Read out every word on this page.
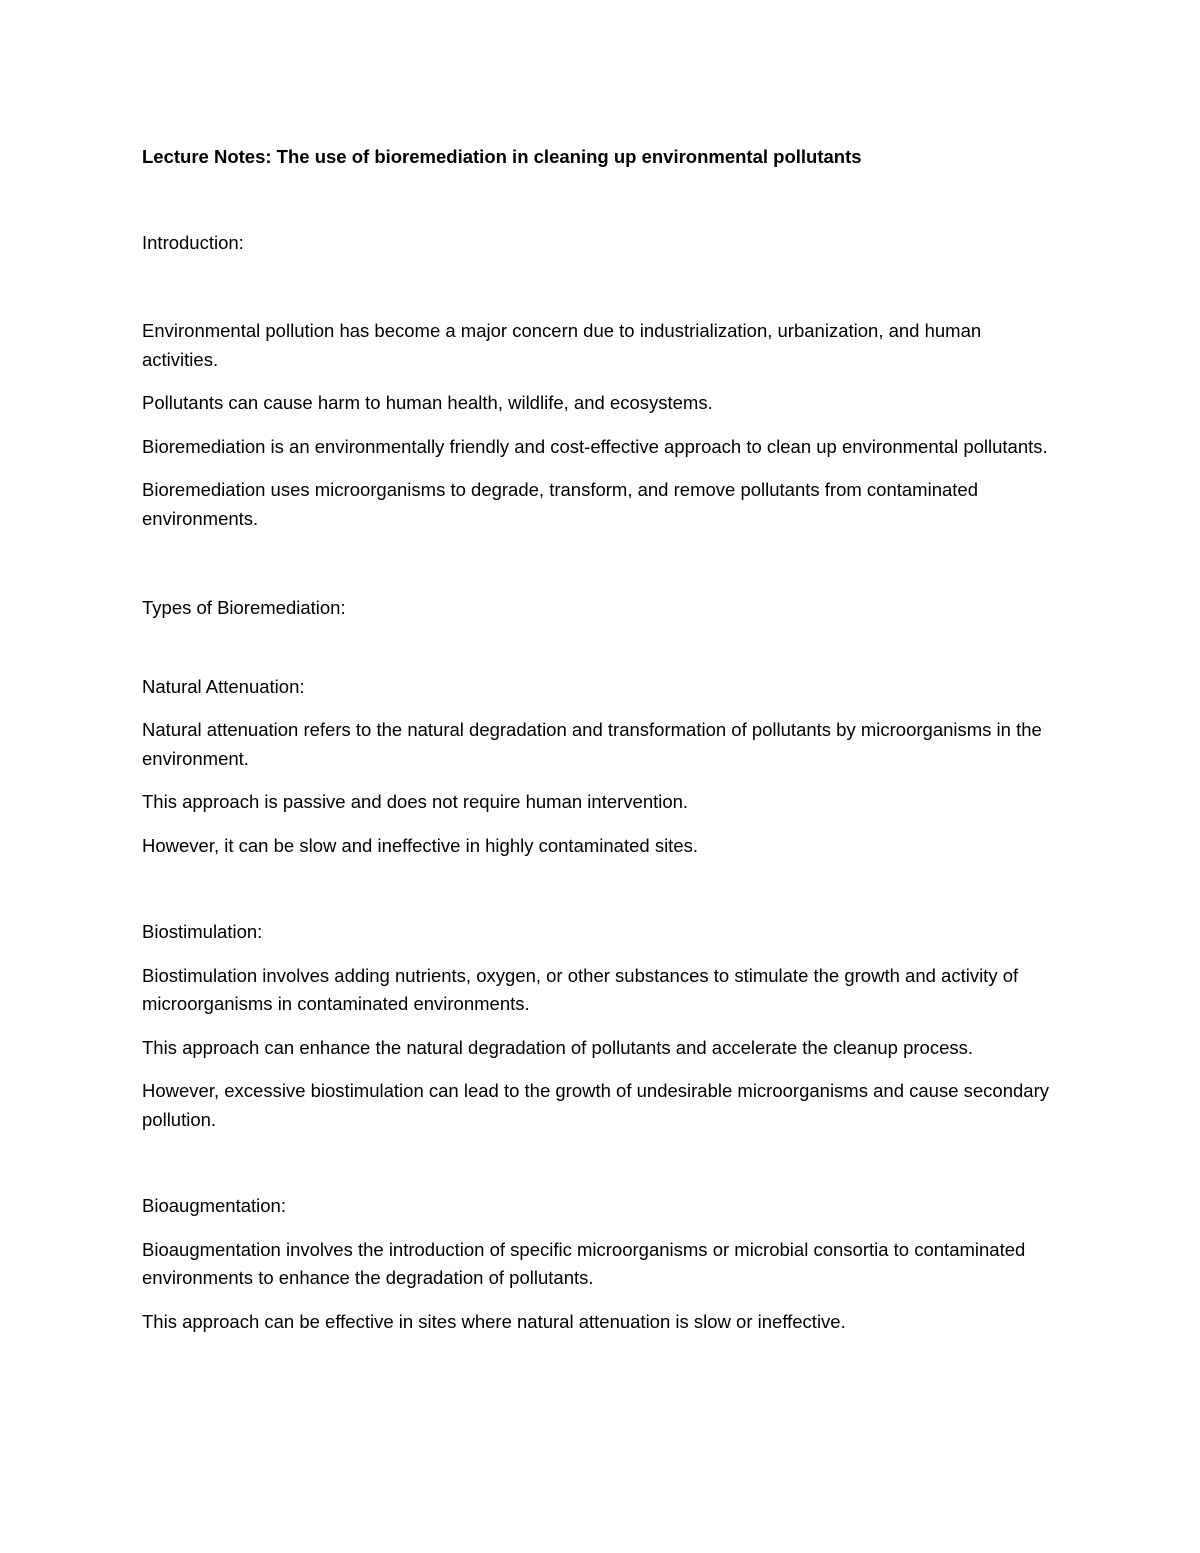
Lecture Notes: The use of bioremediation in cleaning up environmental pollutants

Introduction:

Environmental pollution has become a major concern due to industrialization, urbanization, and human activities.

Pollutants can cause harm to human health, wildlife, and ecosystems.

Bioremediation is an environmentally friendly and cost-effective approach to clean up environmental pollutants.

Bioremediation uses microorganisms to degrade, transform, and remove pollutants from contaminated environments.

Types of Bioremediation:

Natural Attenuation:

Natural attenuation refers to the natural degradation and transformation of pollutants by microorganisms in the environment.

This approach is passive and does not require human intervention.

However, it can be slow and ineffective in highly contaminated sites.

Biostimulation:

Biostimulation involves adding nutrients, oxygen, or other substances to stimulate the growth and activity of microorganisms in contaminated environments.

This approach can enhance the natural degradation of pollutants and accelerate the cleanup process.

However, excessive biostimulation can lead to the growth of undesirable microorganisms and cause secondary pollution.

Bioaugmentation:

Bioaugmentation involves the introduction of specific microorganisms or microbial consortia to contaminated environments to enhance the degradation of pollutants.

This approach can be effective in sites where natural attenuation is slow or ineffective.
